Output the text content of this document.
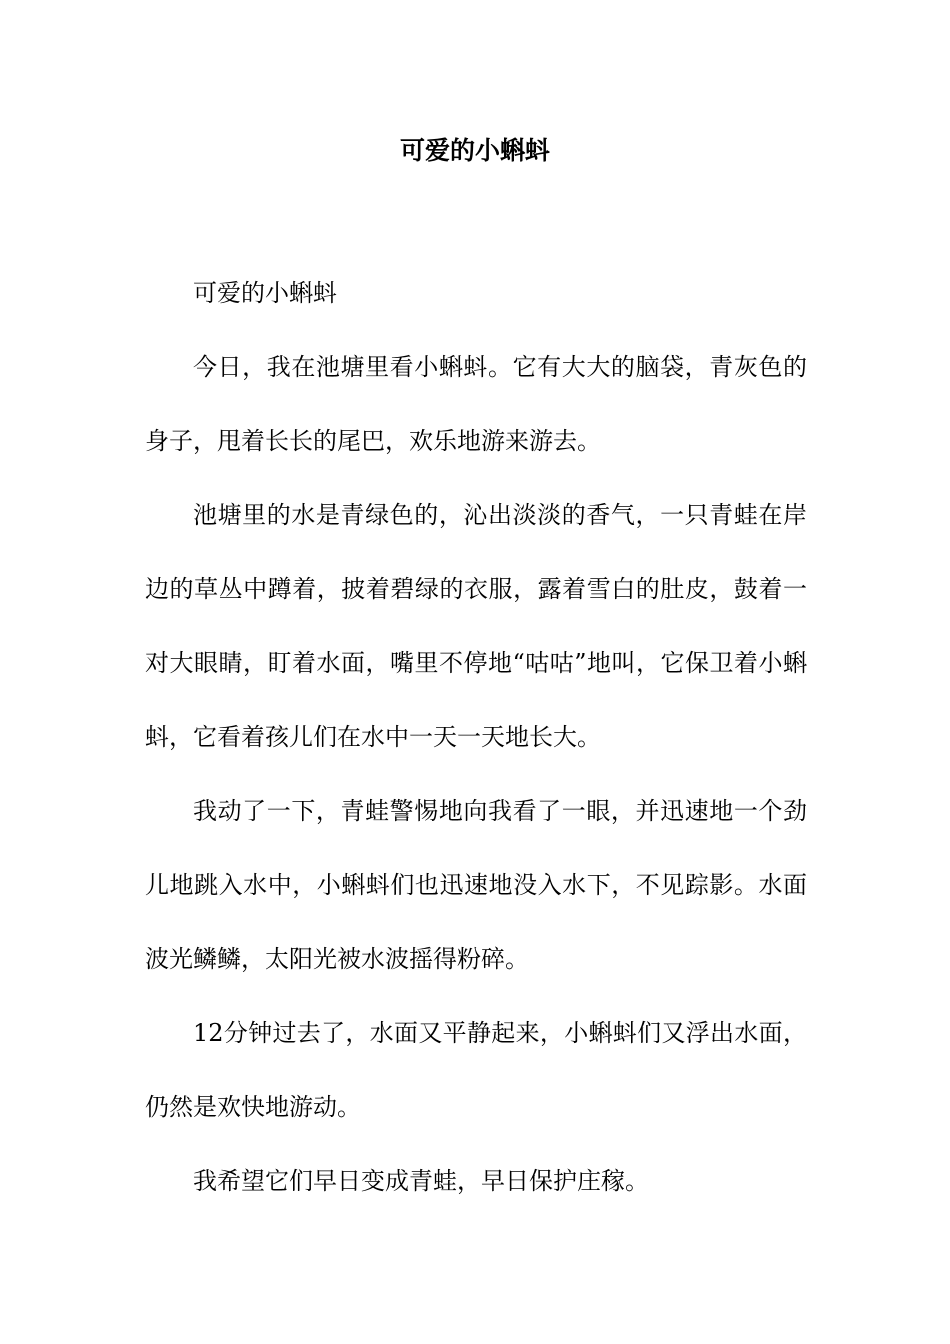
可爱的小蝌蚪

可爱的小蝌蚪

今日，我在池塘里看小蝌蚪。它有大大的脑袋，青灰色的身子，甩着长长的尾巴，欢乐地游来游去。

池塘里的水是青绿色的，沁出淡淡的香气，一只青蛙在岸边的草丛中蹲着，披着碧绿的衣服，露着雪白的肚皮，鼓着一对大眼睛，盯着水面，嘴里不停地“咕咕”地叫，它保卫着小蝌蚪，它看着孩儿们在水中一天一天地长大。

我动了一下，青蛙警惕地向我看了一眼，并迅速地一个劲儿地跳入水中，小蝌蚪们也迅速地没入水下，不见踪影。水面波光鳞鳞，太阳光被水波摇得粉碎。

12分钟过去了，水面又平静起来，小蝌蚪们又浮出水面，仍然是欢快地游动。

我希望它们早日变成青蛙，早日保护庄稼。
